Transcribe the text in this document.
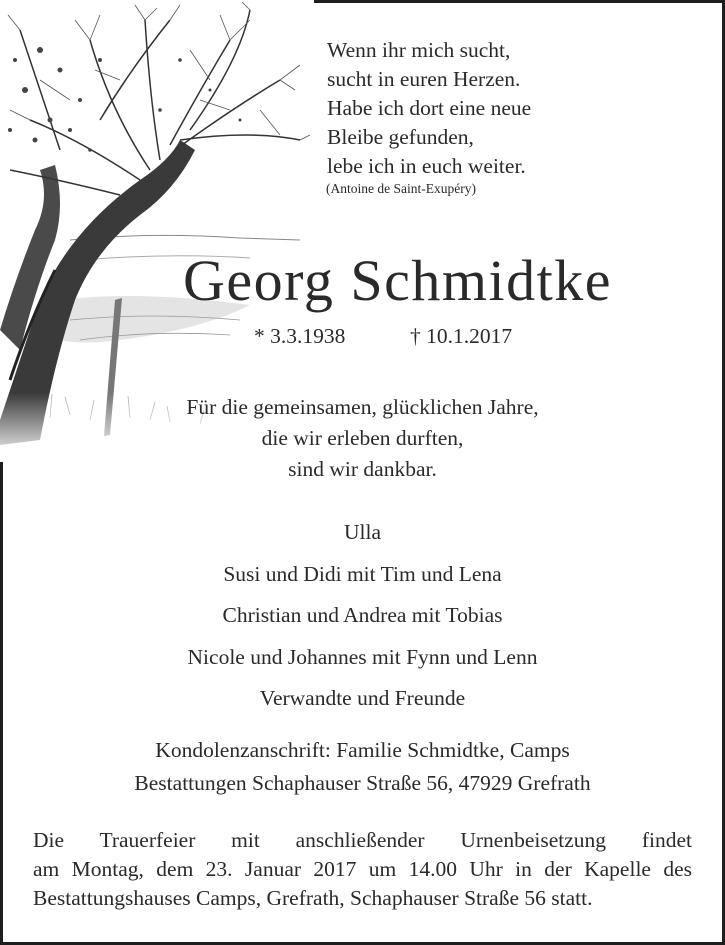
Wenn ihr mich sucht,
sucht in euren Herzen.
Habe ich dort eine neue
Bleibe gefunden,
lebe ich in euch weiter.
(Antoine de Saint-Exupéry)
Georg Schmidtke
* 3.3.1938	† 10.1.2017
Für die gemeinsamen, glücklichen Jahre,
die wir erleben durften,
sind wir dankbar.
Ulla
Susi und Didi mit Tim und Lena
Christian und Andrea mit Tobias
Nicole und Johannes mit Fynn und Lenn
Verwandte und Freunde
Kondolenzanschrift: Familie Schmidtke, Camps
Bestattungen Schaphauser Straße 56, 47929 Grefrath
Die Trauerfeier mit anschließender Urnenbeisetzung findet
am Montag, dem 23. Januar 2017 um 14.00 Uhr in der Kapelle des
Bestattungshauses Camps, Grefrath, Schaphauser Straße 56 statt.
